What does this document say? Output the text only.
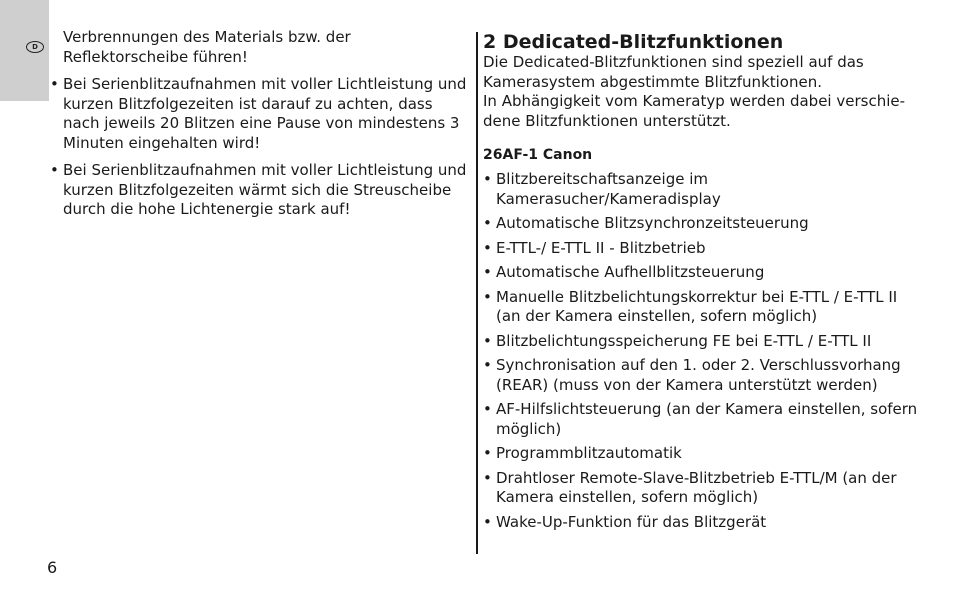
D

Verbrennungen des Materials bzw. der Reflektorscheibe führen!

• Bei Serienblitzaufnahmen mit voller Lichtleistung und kurzen Blitzfolgezeiten ist darauf zu achten, dass nach jeweils 20 Blitzen eine Pause von mindestens 3 Minuten eingehalten wird!
• Bei Serienblitzaufnahmen mit voller Lichtleistung und kurzen Blitzfolgezeiten wärmt sich die Streuscheibe durch die hohe Lichtenergie stark auf!
2 Dedicated-Blitzfunktionen

Die Dedicated-Blitzfunktionen sind speziell auf das Kamerasystem abgestimmte Blitzfunktionen.

In Abhängigkeit vom Kameratyp werden dabei verschie-dene Blitzfunktionen unterstützt.

26AF-1 Canon
• Blitzbereitschaftsanzeige im Kamerasucher/Kameradisplay
• Automatische Blitzsynchronzeitsteuerung
• E-TTL-/ E-TTL II - Blitzbetrieb
• Automatische Aufhellblitzsteuerung
• Manuelle Blitzbelichtungskorrektur bei E-TTL / E-TTL II (an der Kamera einstellen, sofern möglich)
• Blitzbelichtungsspeicherung FE bei E-TTL / E-TTL II
• Synchronisation auf den 1. oder 2. Verschlussvorhang (REAR) (muss von der Kamera unterstützt werden)
• AF-Hilfslichtsteuerung (an der Kamera einstellen, sofern möglich)
• Programmblitzautomatik
• Drahtloser Remote-Slave-Blitzbetrieb E-TTL/M (an der Kamera einstellen, sofern möglich)
• Wake-Up-Funktion für das Blitzgerät
6
